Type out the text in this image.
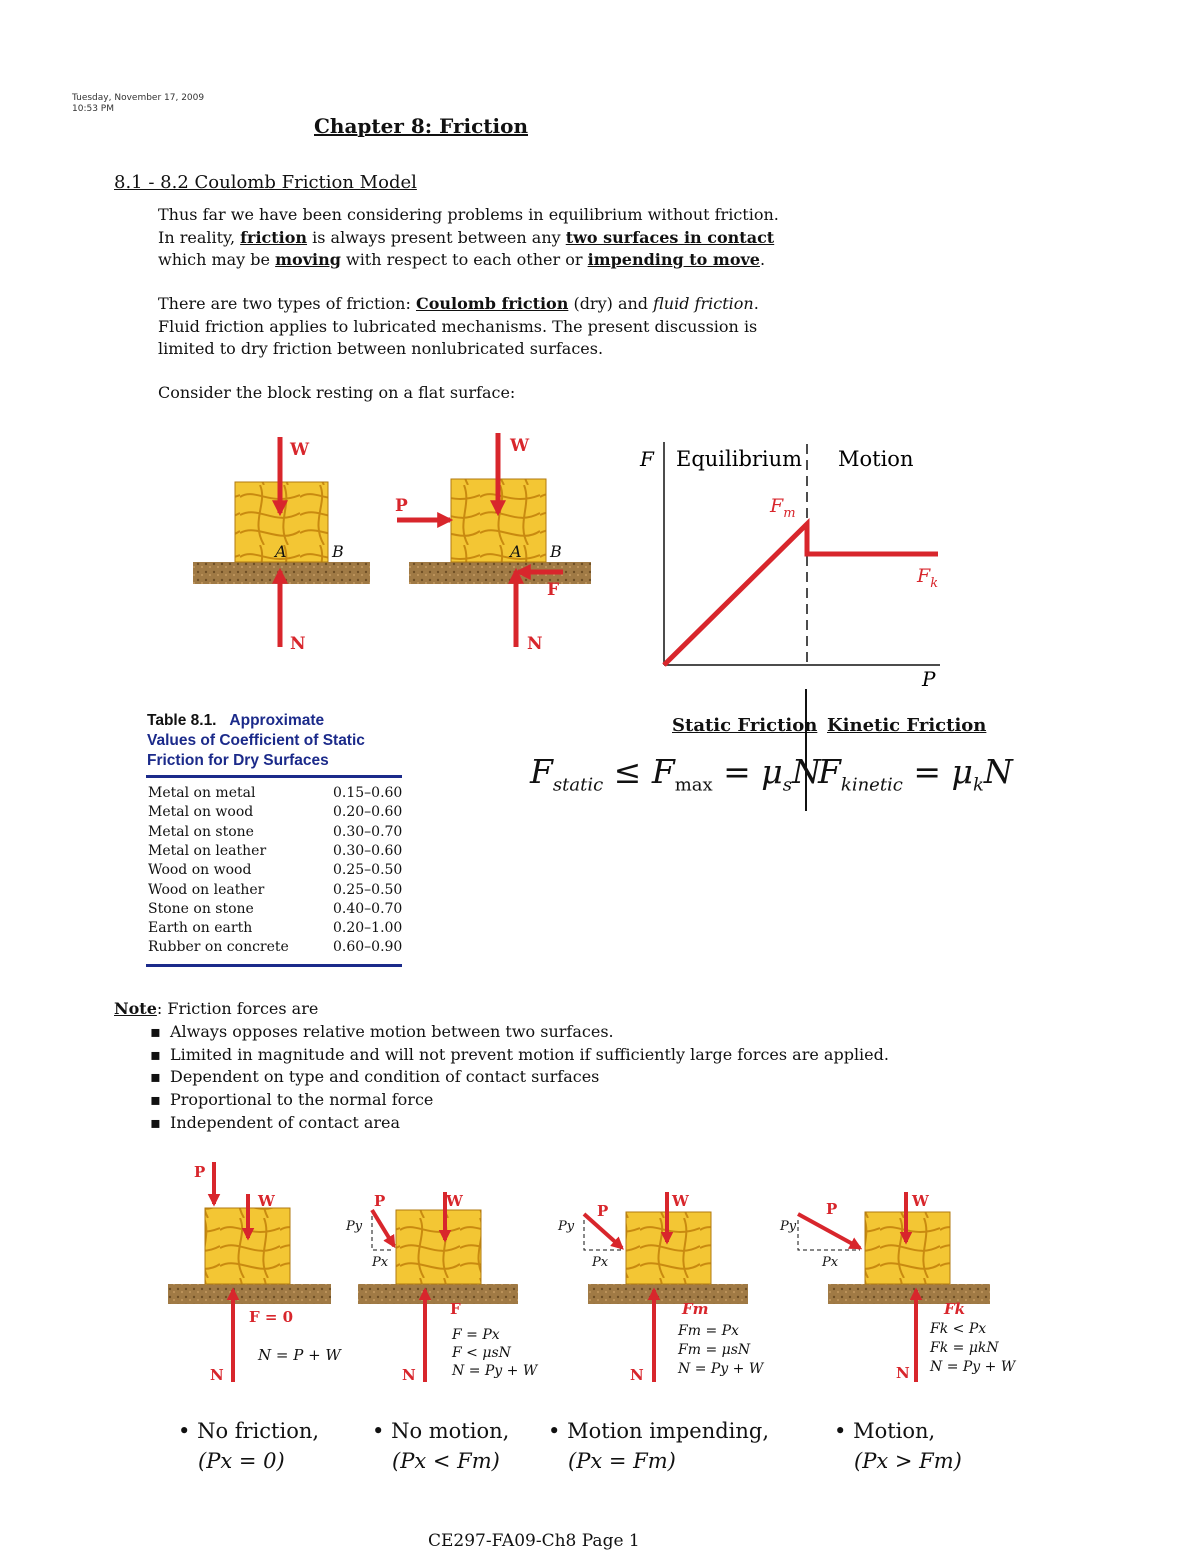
Tuesday, November 17, 2009
10:53 PM
Chapter 8: Friction
8.1 - 8.2 Coulomb Friction Model
Thus far we have been considering problems in equilibrium without friction.
In reality, friction is always present between any two surfaces in contact
which may be moving with respect to each other or impending to move.
There are two types of friction: Coulomb friction (dry) and fluid friction.
Fluid friction applies to lubricated mechanisms. The present discussion is
limited to dry friction between nonlubricated surfaces.
Consider the block resting on a flat surface:
W
N
A	B
W
P
N
F
A B
F Equilibrium Motion
$F_m$
$F_k$
P
Static Friction Kinetic Friction
$F_{static} \le F_{max} = \mu_sN$
$F_{kinetic} = \mu_kN$
Table 8.1. Approximate
Values of Coefficient of Static
Friction for Dry Surfaces
Metal on metal	0.15–0.60
Metal on wood	0.20–0.60
Metal on stone	0.30–0.70
Metal on leather	0.30–0.60
Wood on wood	0.25–0.50
Wood on leather	0.25–0.50
Stone on stone	0.40–0.70
Earth on earth	0.20–1.00
Rubber on concrete	0.60–0.90
Note: Friction forces are
▪ Always opposes relative motion between two surfaces.
▪ Limited in magnitude and will not prevent motion if sufficiently large forces are applied.
▪ Dependent on type and condition of contact surfaces
▪ Proportional to the normal force
▪ Independent of contact area
P
W
N
F = 0
N = P + W
P	W
Py
Px
N
F
F = Px
F < μsN
N = Py + W
P
W
Py
Px
N
Fm
Fm = Px
Fm = μsN
N = Py + W
P	W
Py
Px
N
Fk
Fk < Px
Fk = μkN
N = Py + W
• No friction,
(Px = 0)
• No motion,
(Px < Fm)
• Motion impending,
(Px = Fm)
• Motion,
(Px > Fm)
CE297-FA09-Ch8 Page 1
